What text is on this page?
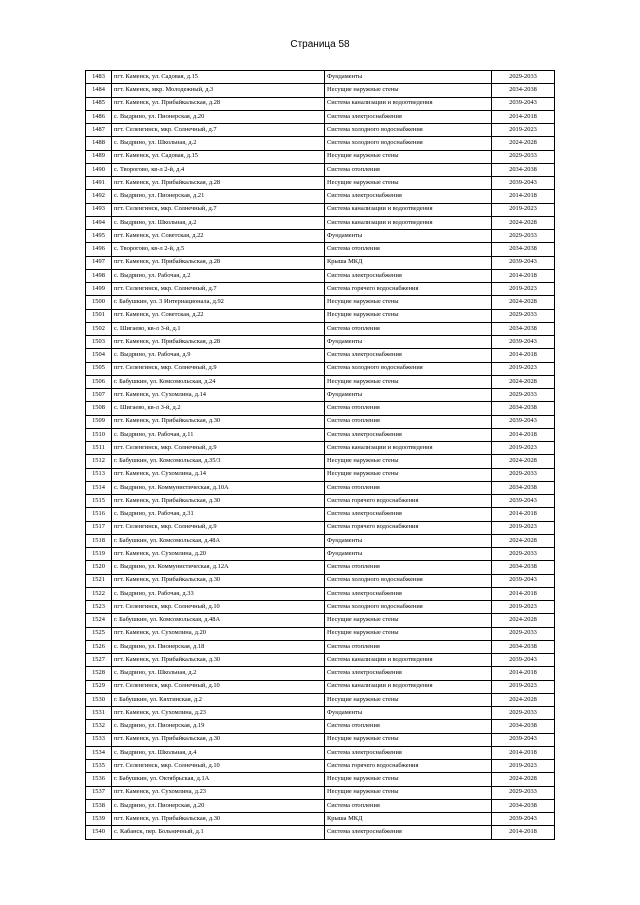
Страница 58
1483	пгт. Каменск, ул. Садовая, д.15	Фундаменты	2029-2033
1484	пгт. Каменск, мкр. Молодежный, д.3	Несущие наружные стены	2034-2038
1485	пгт. Каменск, ул. Прибайкальская, д.28	Система канализации и водоотведения	2039-2043
1486	с. Выдрино, ул. Пионерская, д.20	Система электроснабжения	2014-2018
1487	пгт. Селенгинск, мкр. Солнечный, д.7	Система холодного водоснабжения	2019-2023
1488	с. Выдрино, ул. Школьная, д.2	Система холодного водоснабжения	2024-2028
1489	пгт. Каменск, ул. Садовая, д.15	Несущие наружные стены	2029-2033
1490	с. Творогово, кв-л 2-й, д.4	Система отопления	2034-2038
1491	пгт. Каменск, ул. Прибайкальская, д.28	Несущие наружные стены	2039-2043
1492	с. Выдрино, ул. Пионерская, д.21	Система электроснабжения	2014-2018
1493	пгт. Селенгинск, мкр. Солнечный, д.7	Система канализации и водоотведения	2019-2023
1494	с. Выдрино, ул. Школьная, д.2	Система канализации и водоотведения	2024-2028
1495	пгт. Каменск, ул. Советская, д.22	Фундаменты	2029-2033
1496	с. Творогово, кв-л 2-й, д.5	Система отопления	2034-2038
1497	пгт. Каменск, ул. Прибайкальская, д.28	Крыша МКД	2039-2043
1498	с. Выдрино, ул. Рабочая, д.2	Система электроснабжения	2014-2018
1499	пгт. Селенгинск, мкр. Солнечный, д.7	Система горячего водоснабжения	2019-2023
1500	г. Бабушкин, ул. 3 Интернационала, д.92	Несущие наружные стены	2024-2028
1501	пгт. Каменск, ул. Советская, д.22	Несущие наружные стены	2029-2033
1502	с. Шигаево, кв-л 3-й, д.1	Система отопления	2034-2038
1503	пгт. Каменск, ул. Прибайкальская, д.28	Фундаменты	2039-2043
1504	с. Выдрино, ул. Рабочая, д.9	Система электроснабжения	2014-2018
1505	пгт. Селенгинск, мкр. Солнечный, д.9	Система холодного водоснабжения	2019-2023
1506	г. Бабушкин, ул. Комсомольская, д.24	Несущие наружные стены	2024-2028
1507	пгт. Каменск, ул. Сухомлина, д.14	Фундаменты	2029-2033
1508	с. Шигаево, кв-л 3-й, д.2	Система отопления	2034-2038
1509	пгт. Каменск, ул. Прибайкальская, д.30	Система отопления	2039-2043
1510	с. Выдрино, ул. Рабочая, д.11	Система электроснабжения	2014-2018
1511	пгт. Селенгинск, мкр. Солнечный, д.9	Система канализации и водоотведения	2019-2023
1512	г. Бабушкин, ул. Комсомольская, д.35/3	Несущие наружные стены	2024-2028
1513	пгт. Каменск, ул. Сухомлина, д.14	Несущие наружные стены	2029-2033
1514	с. Выдрино, ул. Коммунистическая, д.10А	Система отопления	2034-2038
1515	пгт. Каменск, ул. Прибайкальская, д.30	Система горячего водоснабжения	2039-2043
1516	с. Выдрино, ул. Рабочая, д.31	Система электроснабжения	2014-2018
1517	пгт. Селенгинск, мкр. Солнечный, д.9	Система горячего водоснабжения	2019-2023
1518	г. Бабушкин, ул. Комсомольская, д.48А	Фундаменты	2024-2028
1519	пгт. Каменск, ул. Сухомлина, д.20	Фундаменты	2029-2033
1520	с. Выдрино, ул. Коммунистическая, д.12А	Система отопления	2034-2038
1521	пгт. Каменск, ул. Прибайкальская, д.30	Система холодного водоснабжения	2039-2043
1522	с. Выдрино, ул. Рабочая, д.33	Система электроснабжения	2014-2018
1523	пгт. Селенгинск, мкр. Солнечный, д.10	Система холодного водоснабжения	2019-2023
1524	г. Бабушкин, ул. Комсомольская, д.48А	Несущие наружные стены	2024-2028
1525	пгт. Каменск, ул. Сухомлина, д.20	Несущие наружные стены	2029-2033
1526	с. Выдрино, ул. Пионерская, д.18	Система отопления	2034-2038
1527	пгт. Каменск, ул. Прибайкальская, д.30	Система канализации и водоотведения	2039-2043
1528	с. Выдрино, ул. Школьная, д.2	Система электроснабжения	2014-2018
1529	пгт. Селенгинск, мкр. Солнечный, д.10	Система канализации и водоотведения	2019-2023
1530	г. Бабушкин, ул. Кяхтинская, д.2	Несущие наружные стены	2024-2028
1531	пгт. Каменск, ул. Сухомлина, д.23	Фундаменты	2029-2033
1532	с. Выдрино, ул. Пионерская, д.19	Система отопления	2034-2038
1533	пгт. Каменск, ул. Прибайкальская, д.30	Несущие наружные стены	2039-2043
1534	с. Выдрино, ул. Школьная, д.4	Система электроснабжения	2014-2018
1535	пгт. Селенгинск, мкр. Солнечный, д.10	Система горячего водоснабжения	2019-2023
1536	г. Бабушкин, ул. Октябрьская, д.1А	Несущие наружные стены	2024-2028
1537	пгт. Каменск, ул. Сухомлина, д.23	Несущие наружные стены	2029-2033
1538	с. Выдрино, ул. Пионерская, д.20	Система отопления	2034-2038
1539	пгт. Каменск, ул. Прибайкальская, д.30	Крыша МКД	2039-2043
1540	с. Кабанск, пер. Больничный, д.1	Система электроснабжения	2014-2018
